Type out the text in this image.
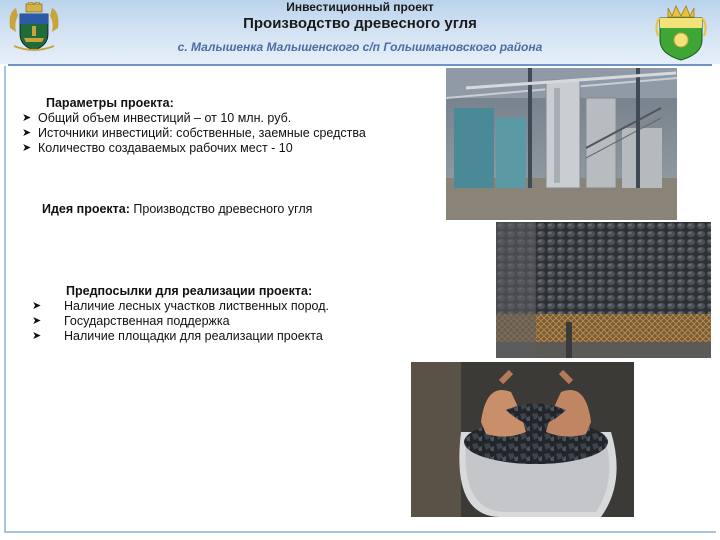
Инвестиционный проект
Производство древесного угля
с. Малышенка Малышенского с/п Голышмановского района
Параметры проекта:
➤ Общий объем инвестиций – от 10 млн. руб.
➤ Источники инвестиций: собственные, заемные средства
➤ Количество создаваемых рабочих мест - 10
Идея проекта: Производство древесного угля
Предпосылки для реализации проекта:
➤	Наличие лесных участков лиственных пород.
➤	Государственная поддержка
➤	Наличие площадки для реализации проекта
